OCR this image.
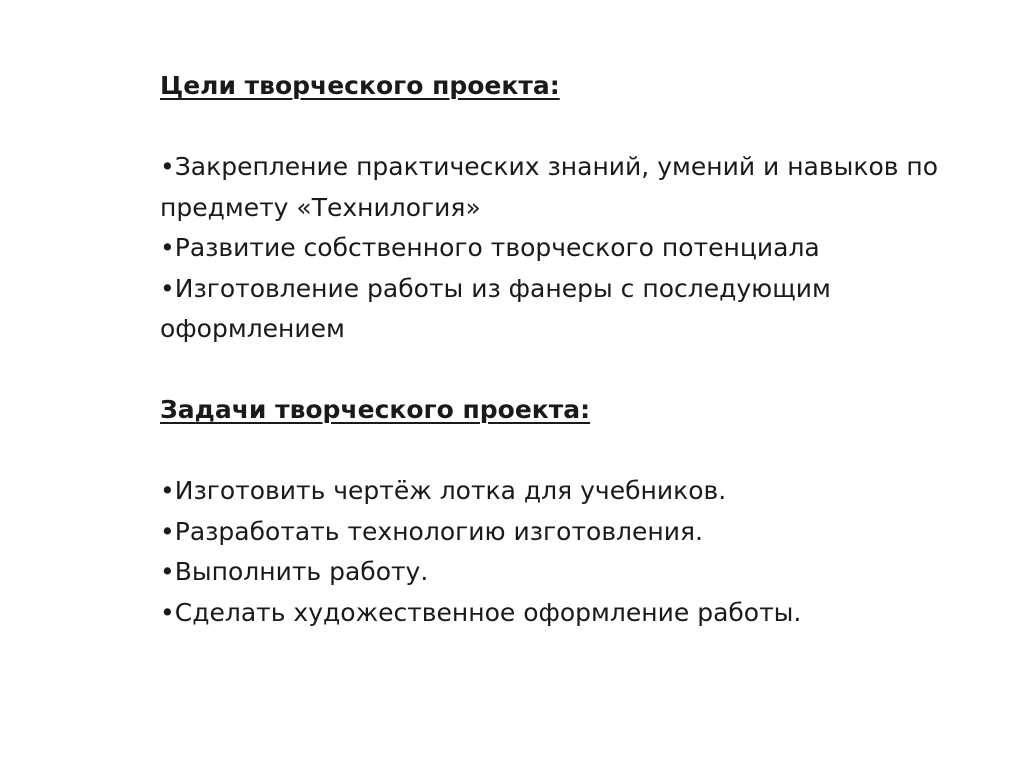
Цели творческого проекта:

•Закрепление практических знаний, умений и навыков по предмету «Технилогия»
•Развитие собственного творческого потенциала
•Изготовление работы из фанеры с последующим
оформлением

Задачи творческого проекта:

•Изготовить чертёж лотка для учебников.
•Разработать технологию изготовления.
•Выполнить работу.
•Сделать художественное оформление работы.
